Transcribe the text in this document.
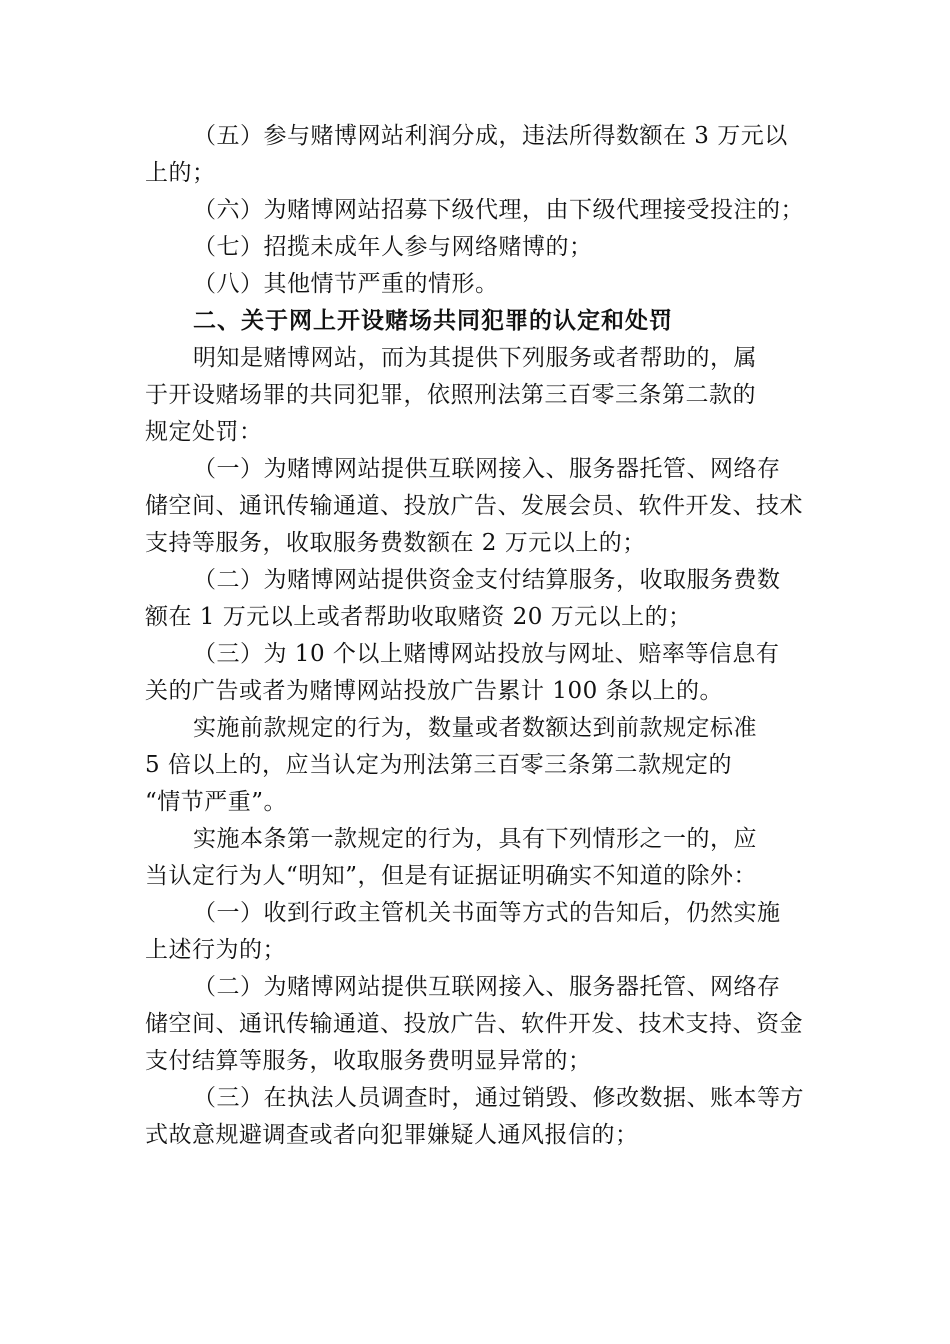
（五）参与赌博网站利润分成，违法所得数额在 3 万元以
上的；
（六）为赌博网站招募下级代理，由下级代理接受投注的；
（七）招揽未成年人参与网络赌博的；
（八）其他情节严重的情形。
二、关于网上开设赌场共同犯罪的认定和处罚
明知是赌博网站，而为其提供下列服务或者帮助的，属
于开设赌场罪的共同犯罪，依照刑法第三百零三条第二款的
规定处罚：
（一）为赌博网站提供互联网接入、服务器托管、网络存
储空间、通讯传输通道、投放广告、发展会员、软件开发、技术
支持等服务，收取服务费数额在 2 万元以上的；
（二）为赌博网站提供资金支付结算服务，收取服务费数
额在 1 万元以上或者帮助收取赌资 20 万元以上的；
（三）为 10 个以上赌博网站投放与网址、赔率等信息有
关的广告或者为赌博网站投放广告累计 100 条以上的。
实施前款规定的行为，数量或者数额达到前款规定标准
5 倍以上的，应当认定为刑法第三百零三条第二款规定的
“情节严重”。
实施本条第一款规定的行为，具有下列情形之一的，应
当认定行为人“明知”，但是有证据证明确实不知道的除外：
（一）收到行政主管机关书面等方式的告知后，仍然实施
上述行为的；
（二）为赌博网站提供互联网接入、服务器托管、网络存
储空间、通讯传输通道、投放广告、软件开发、技术支持、资金
支付结算等服务，收取服务费明显异常的；
（三）在执法人员调查时，通过销毁、修改数据、账本等方
式故意规避调查或者向犯罪嫌疑人通风报信的；
